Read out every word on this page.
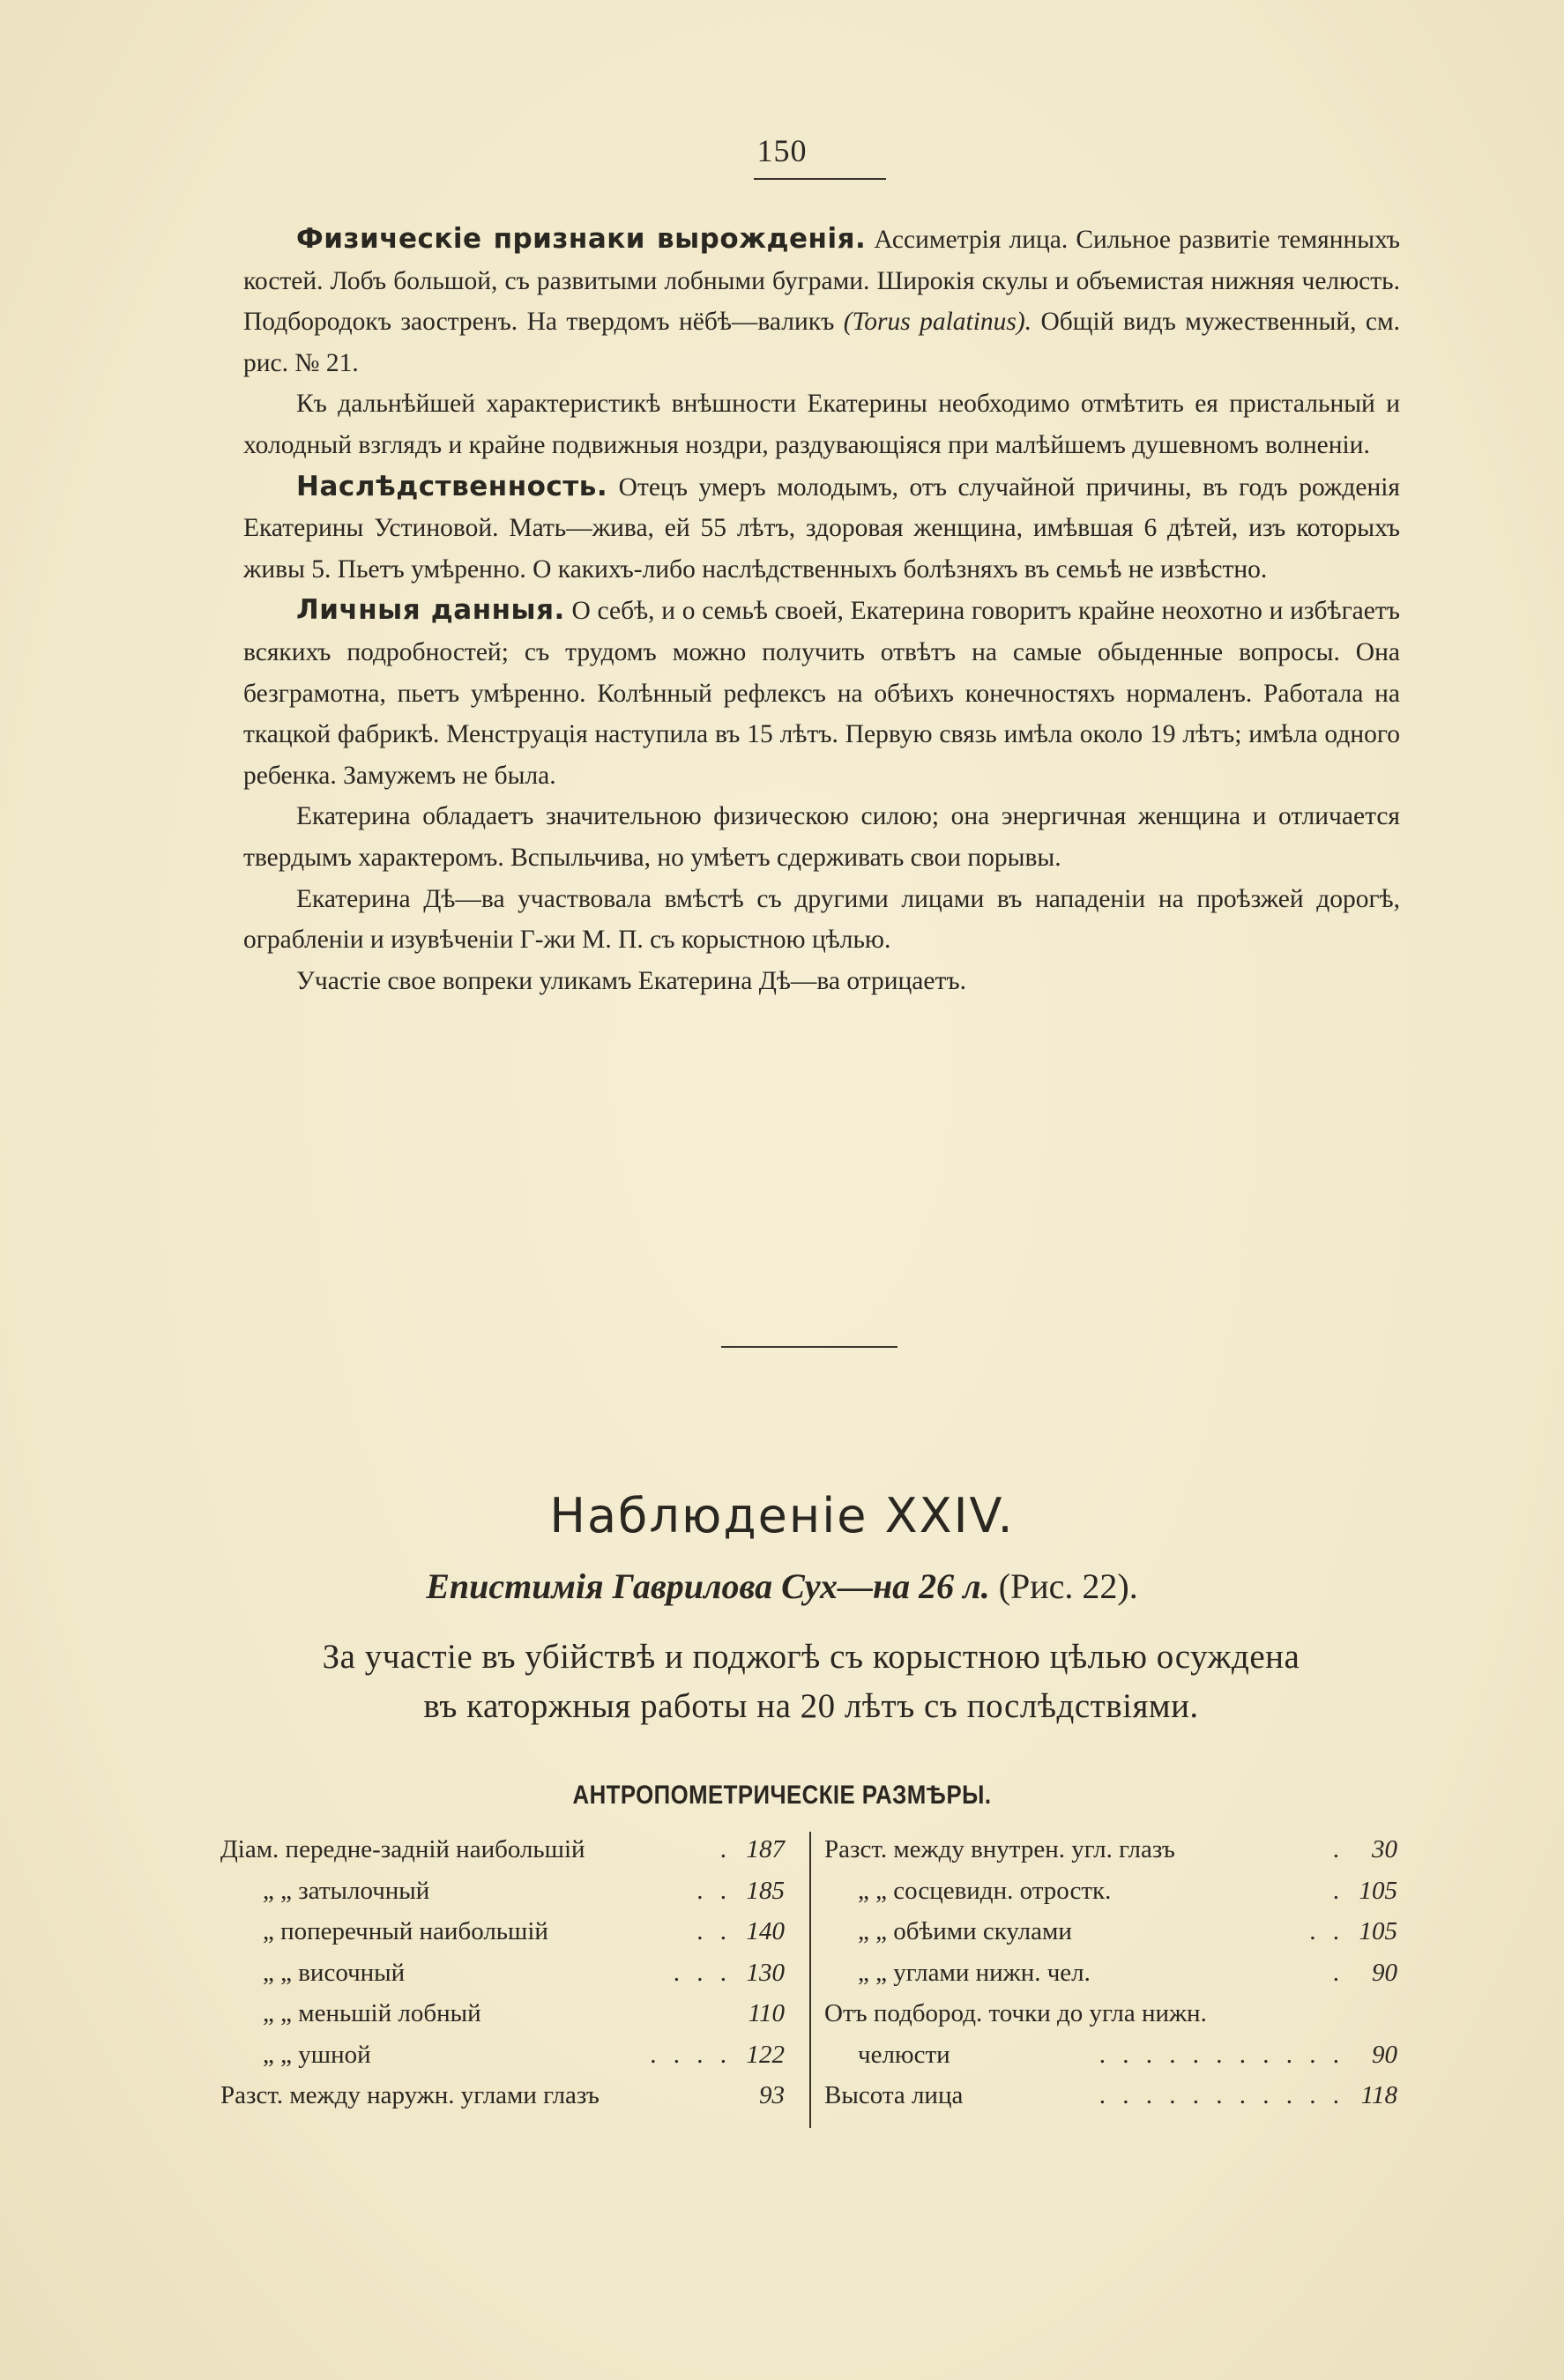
150

Физическіе признаки вырожденія. Ассиметрія лица. Сильное развитіе темянныхъ костей. Лобъ большой, съ развитыми лобными буграми. Широкія скулы и объемистая нижняя челюсть. Подбородокъ заостренъ. На твердомъ нёбѣ—валикъ (Torus palatinus). Общій видъ мужественный, см. рис. № 21.

Къ дальнѣйшей характеристикѣ внѣшности Екатерины необходимо отмѣтить ея пристальный и холодный взглядъ и крайне подвижныя ноздри, раздувающіяся при малѣйшемъ душевномъ волненіи.

Наслѣдственность. Отецъ умеръ молодымъ, отъ случайной причины, въ годъ рожденія Екатерины Устиновой. Мать—жива, ей 55 лѣтъ, здоровая женщина, имѣвшая 6 дѣтей, изъ которыхъ живы 5. Пьетъ умѣренно. О какихъ-либо наслѣдственныхъ болѣзняхъ въ семьѣ не извѣстно.

Личныя данныя. О себѣ, и о семьѣ своей, Екатерина говоритъ крайне неохотно и избѣгаетъ всякихъ подробностей; съ трудомъ можно получить отвѣтъ на самые обыденные вопросы. Она безграмотна, пьетъ умѣренно. Колѣнный рефлексъ на обѣихъ конечностяхъ нормаленъ. Работала на ткацкой фабрикѣ. Менструація наступила въ 15 лѣтъ. Первую связь имѣла около 19 лѣтъ; имѣла одного ребенка. Замужемъ не была.

Екатерина обладаетъ значительною физическою силою; она энергичная женщина и отличается твердымъ характеромъ. Вспыльчива, но умѣетъ сдерживать свои порывы.

Екатерина Дѣ—ва участвовала вмѣстѣ съ другими лицами въ нападеніи на проѣзжей дорогѣ, ограбленіи и изувѣченіи Г-жи М. П. съ корыстною цѣлью.

Участіе свое вопреки уликамъ Екатерина Дѣ—ва отрицаетъ.

Наблюденіе XXIV.
Епистимія Гаврилова Сух—на 26 л. (Рис. 22).
За участіе въ убійствѣ и поджогѣ съ корыстною цѣлью осуждена
въ каторжныя работы на 20 лѣтъ съ послѣдствіями.
АНТРОПОМЕТРИЧЕСКІЕ РАЗМѢРЫ.
Діам. передне-задній наибольшій	. 187
„ „ затылочный	. . 185
„ поперечный наибольшій	. . 140
„ „ височный	. . . 130
„ „ меньшій лобный	110
„ „ ушной	. . . . 122
Разст. между наружн. углами глазъ	93
Разст. между внутрен. угл. глазъ	.	30
„ „ сосцевидн. отростк.	. 105
„ „ обѣими скулами	. . 105
„ „ углами нижн. чел.	.	90
Отъ подбород. точки до угла нижн.
челюсти	. . . . . . . . . . .	90
Высота лица	. . . . . . . . . . . 118
